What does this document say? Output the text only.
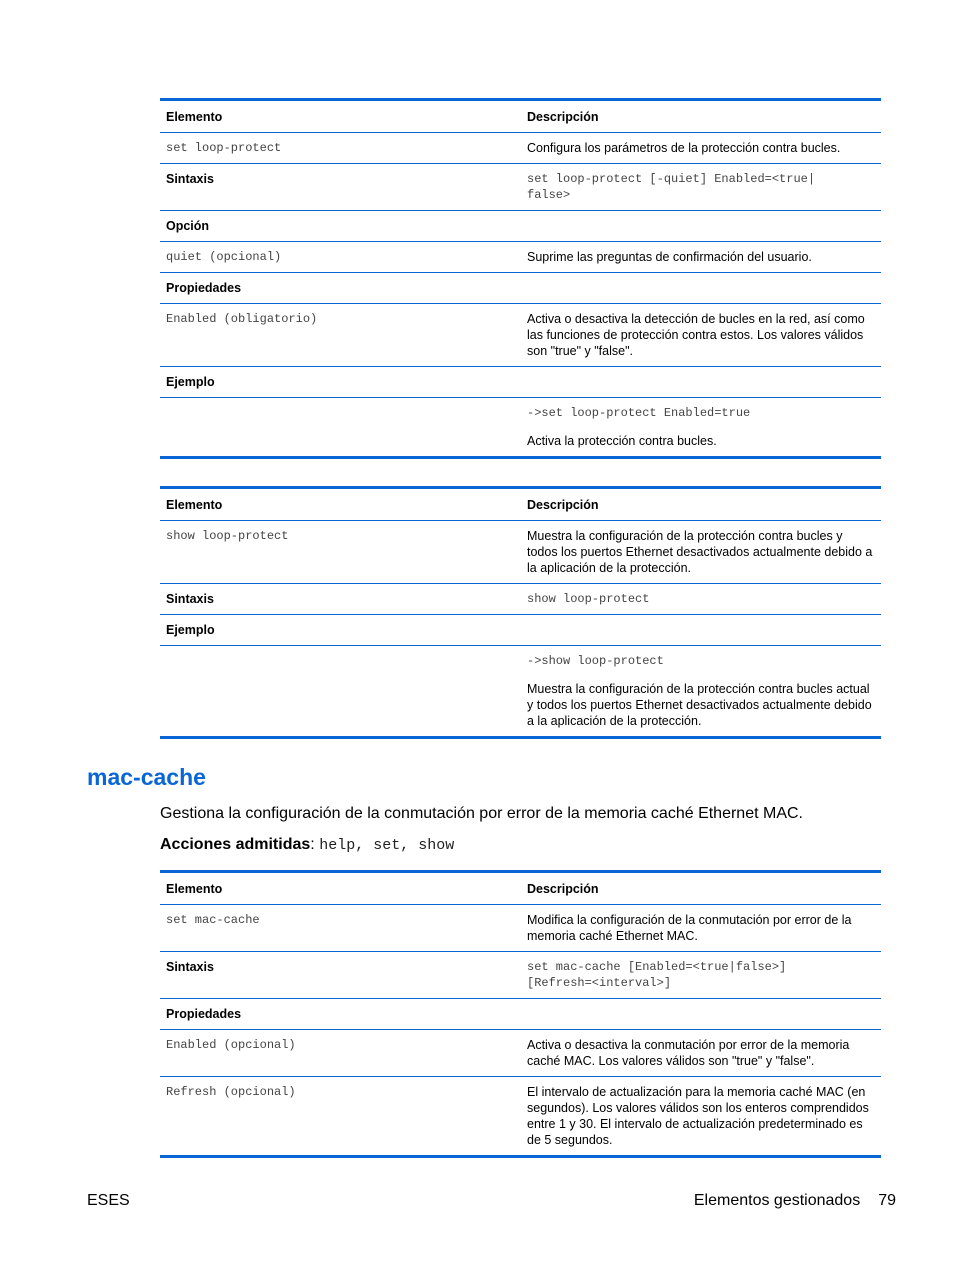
Elemento	Descripción
set loop-protect	Configura los parámetros de la protección contra bucles.
Sintaxis	set loop-protect [-quiet] Enabled=<true|
false>
Opción
quiet (opcional)	Suprime las preguntas de confirmación del usuario.
Propiedades
Enabled (obligatorio)	Activa o desactiva la detección de bucles en la red, así como las funciones de protección contra estos. Los valores válidos son "true" y "false".
Ejemplo
->set loop-protect Enabled=true
Activa la protección contra bucles.
Elemento	Descripción
show loop-protect	Muestra la configuración de la protección contra bucles y todos los puertos Ethernet desactivados actualmente debido a la aplicación de la protección.
Sintaxis	show loop-protect
Ejemplo
->show loop-protect
Muestra la configuración de la protección contra bucles actual y todos los puertos Ethernet desactivados actualmente debido a la aplicación de la protección.
mac-cache
Gestiona la configuración de la conmutación por error de la memoria caché Ethernet MAC.
Acciones admitidas: help, set, show
Elemento	Descripción
set mac-cache	Modifica la configuración de la conmutación por error de la memoria caché Ethernet MAC.
Sintaxis	set mac-cache [Enabled=<true|false>]
[Refresh=<interval>]
Propiedades
Enabled (opcional)	Activa o desactiva la conmutación por error de la memoria caché MAC. Los valores válidos son "true" y "false".
Refresh (opcional)	El intervalo de actualización para la memoria caché MAC (en segundos). Los valores válidos son los enteros comprendidos entre 1 y 30. El intervalo de actualización predeterminado es de 5 segundos.
ESES	Elementos gestionados 79
